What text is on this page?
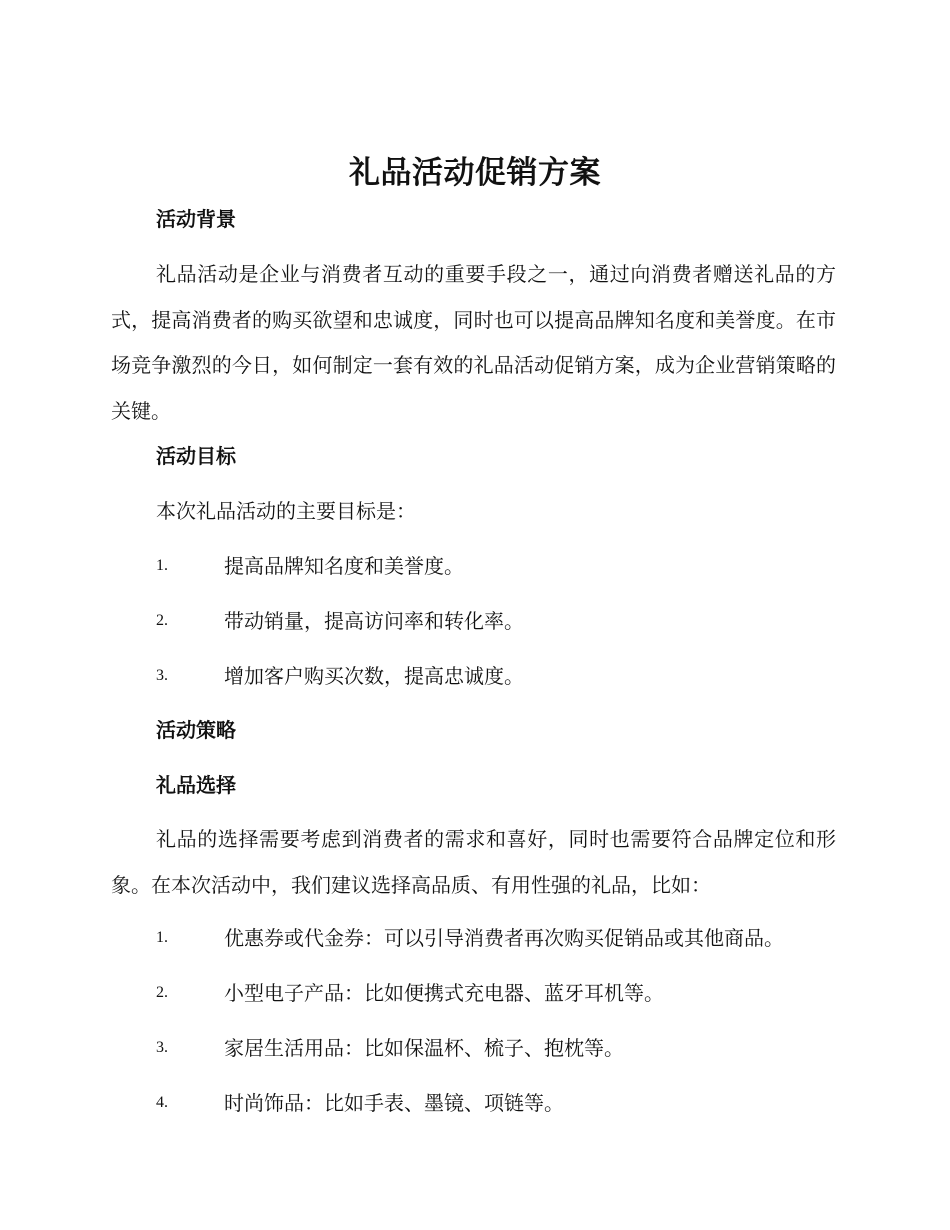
礼品活动促销方案
活动背景

礼品活动是企业与消费者互动的重要手段之一，通过向消费者赠送礼品的方式，提高消费者的购买欲望和忠诚度，同时也可以提高品牌知名度和美誉度。在市场竞争激烈的今日，如何制定一套有效的礼品活动促销方案，成为企业营销策略的关键。

活动目标
本次礼品活动的主要目标是：
1.	提高品牌知名度和美誉度。
2.	带动销量，提高访问率和转化率。
3.	增加客户购买次数，提高忠诚度。
活动策略
礼品选择

礼品的选择需要考虑到消费者的需求和喜好，同时也需要符合品牌定位和形象。在本次活动中，我们建议选择高品质、有用性强的礼品，比如：

1.	优惠券或代金券：可以引导消费者再次购买促销品或其他商品。
2.	小型电子产品：比如便携式充电器、蓝牙耳机等。
3.	家居生活用品：比如保温杯、梳子、抱枕等。
4.	时尚饰品：比如手表、墨镜、项链等。
